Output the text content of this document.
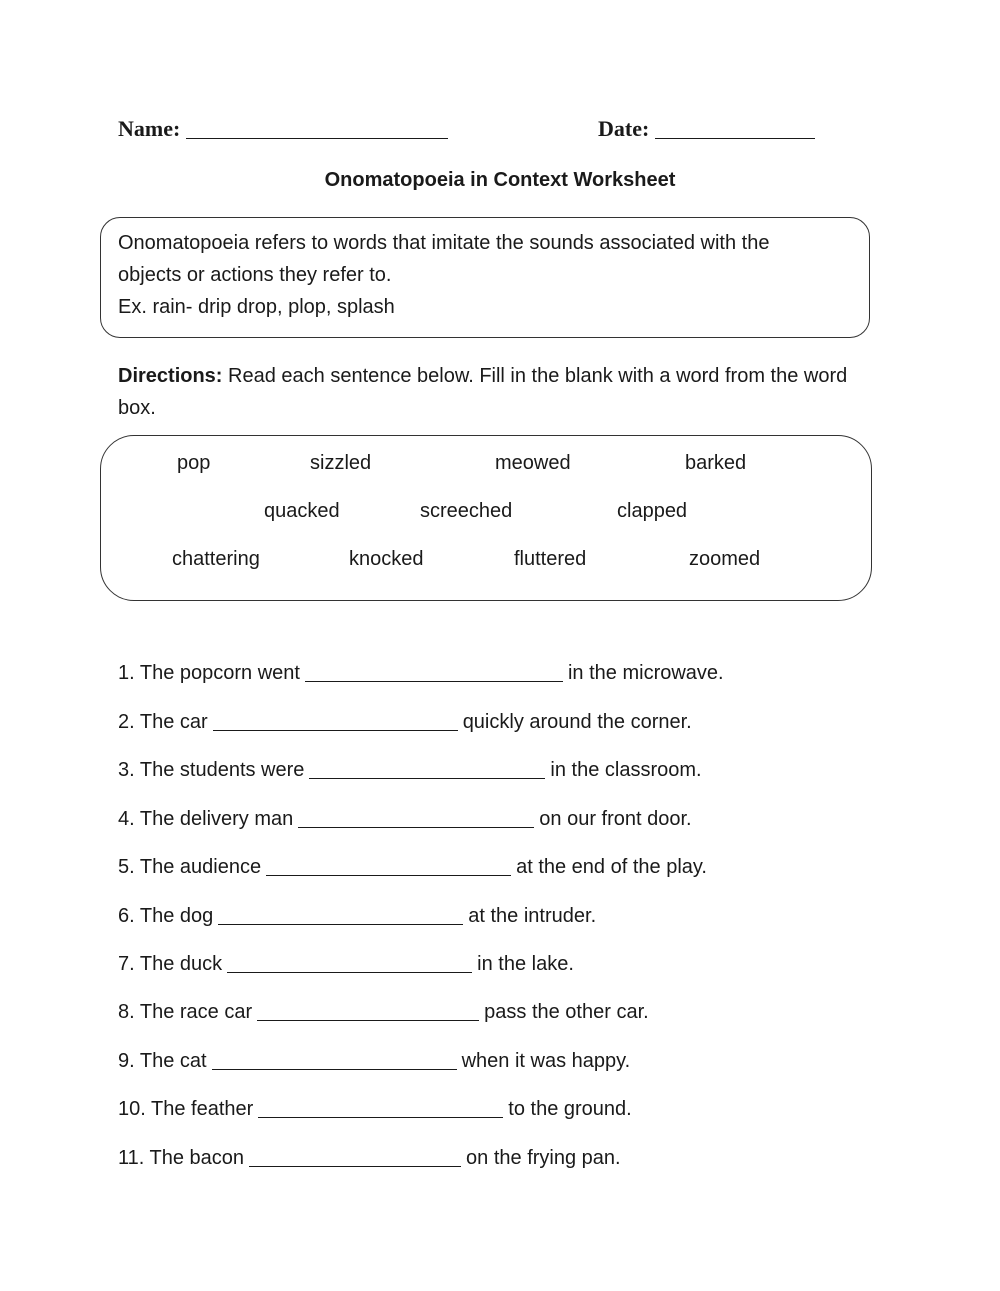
Name:	Date:
Onomatopoeia in Context Worksheet
Onomatopoeia refers to words that imitate the sounds associated with the
objects or actions they refer to.
Ex. rain- drip drop, plop, splash
Directions: Read each sentence below. Fill in the blank with a word from the word box.
pop	sizzled	meowed	barked
quacked	screeched	clapped
chattering	knocked	fluttered	zoomed
1. The popcorn went	in the microwave.
2. The car	quickly around the corner.
3. The students were	in the classroom.
4. The delivery man	on our front door.
5. The audience	at the end of the play.
6. The dog	at the intruder.
7. The duck	in the lake.
8. The race car	pass the other car.
9. The cat	when it was happy.
10. The feather	to the ground.
11. The bacon	on the frying pan.
